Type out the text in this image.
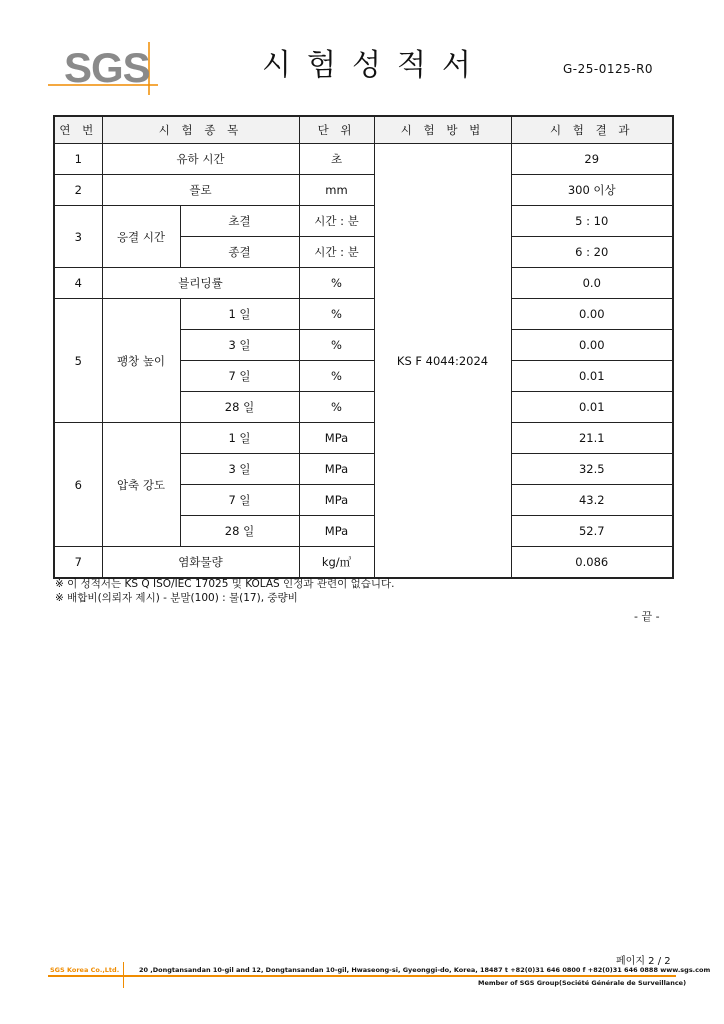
SGS	시험성적서	G-25-0125-R0
연 번	시 험 종 목		단 위	시 험 방 법	시 험 결 과
1	유하 시간		초	KS F 4044:2024	29
2	플로		mm		300 이상
3	응결 시간	초결	시간 : 분		5 : 10
		종결	시간 : 분		6 : 20
4	블리딩률		%		0.0
5	팽창 높이	1 일	%		0.00
		3 일	%		0.00
		7 일	%		0.01
		28 일	%		0.01
6	압축 강도	1 일	MPa		21.1
		3 일	MPa		32.5
		7 일	MPa		43.2
		28 일	MPa		52.7
7	염화물량		kg/㎥		0.086
※ 이 성적서는 KS Q ISO/IEC 17025 및 KOLAS 인정과 관련이 없습니다.
※ 배합비(의뢰자 제시) - 분말(100) : 물(17), 중량비
- 끝 -
페이지 2 / 2
SGS Korea Co.,Ltd.	20 ,Dongtansandan 10-gil and 12, Dongtansandan 10-gil, Hwaseong-si, Gyeonggi-do, Korea, 18487 t +82(0)31 646 0800 f +82(0)31 646 0888 www.sgs.com
Member of SGS Group(Société Générale de Surveillance)
